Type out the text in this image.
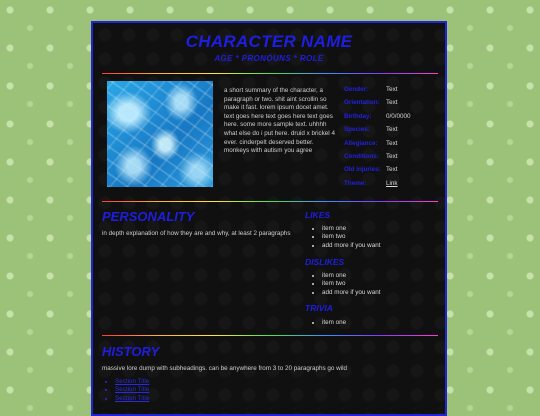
CHARACTER NAME
AGE * PRONOUNS * ROLE
a short summary of the character, a paragraph or two. shit aint scrollin so make it fast. lorem ipsum docet amet. text goes here text goes here text goes here. some more sample text. uhhhh what else do i put here. druid x brickel 4 ever. cinderpelt deserved better. monkeys with autism you agree
Gender:	Text
Orientation: Text
Birthday: 0/0/0000
Species:	Text
Allegiance: Text
Conditions: Text
Old injuries: Text
Theme:	Link
PERSONALITY
in depth explanation of how they are and why, at least 2 paragraphs
LIKES
• item one
• item two
• add more if you want
DISLIKES
• item one
• item two
• add more if you want
TRIVIA
• item one
HISTORY
massive lore dump with subheadings. can be anywhere from 3 to 20 paragraphs go wild
• Section Title
• Section Title
• Section Title
